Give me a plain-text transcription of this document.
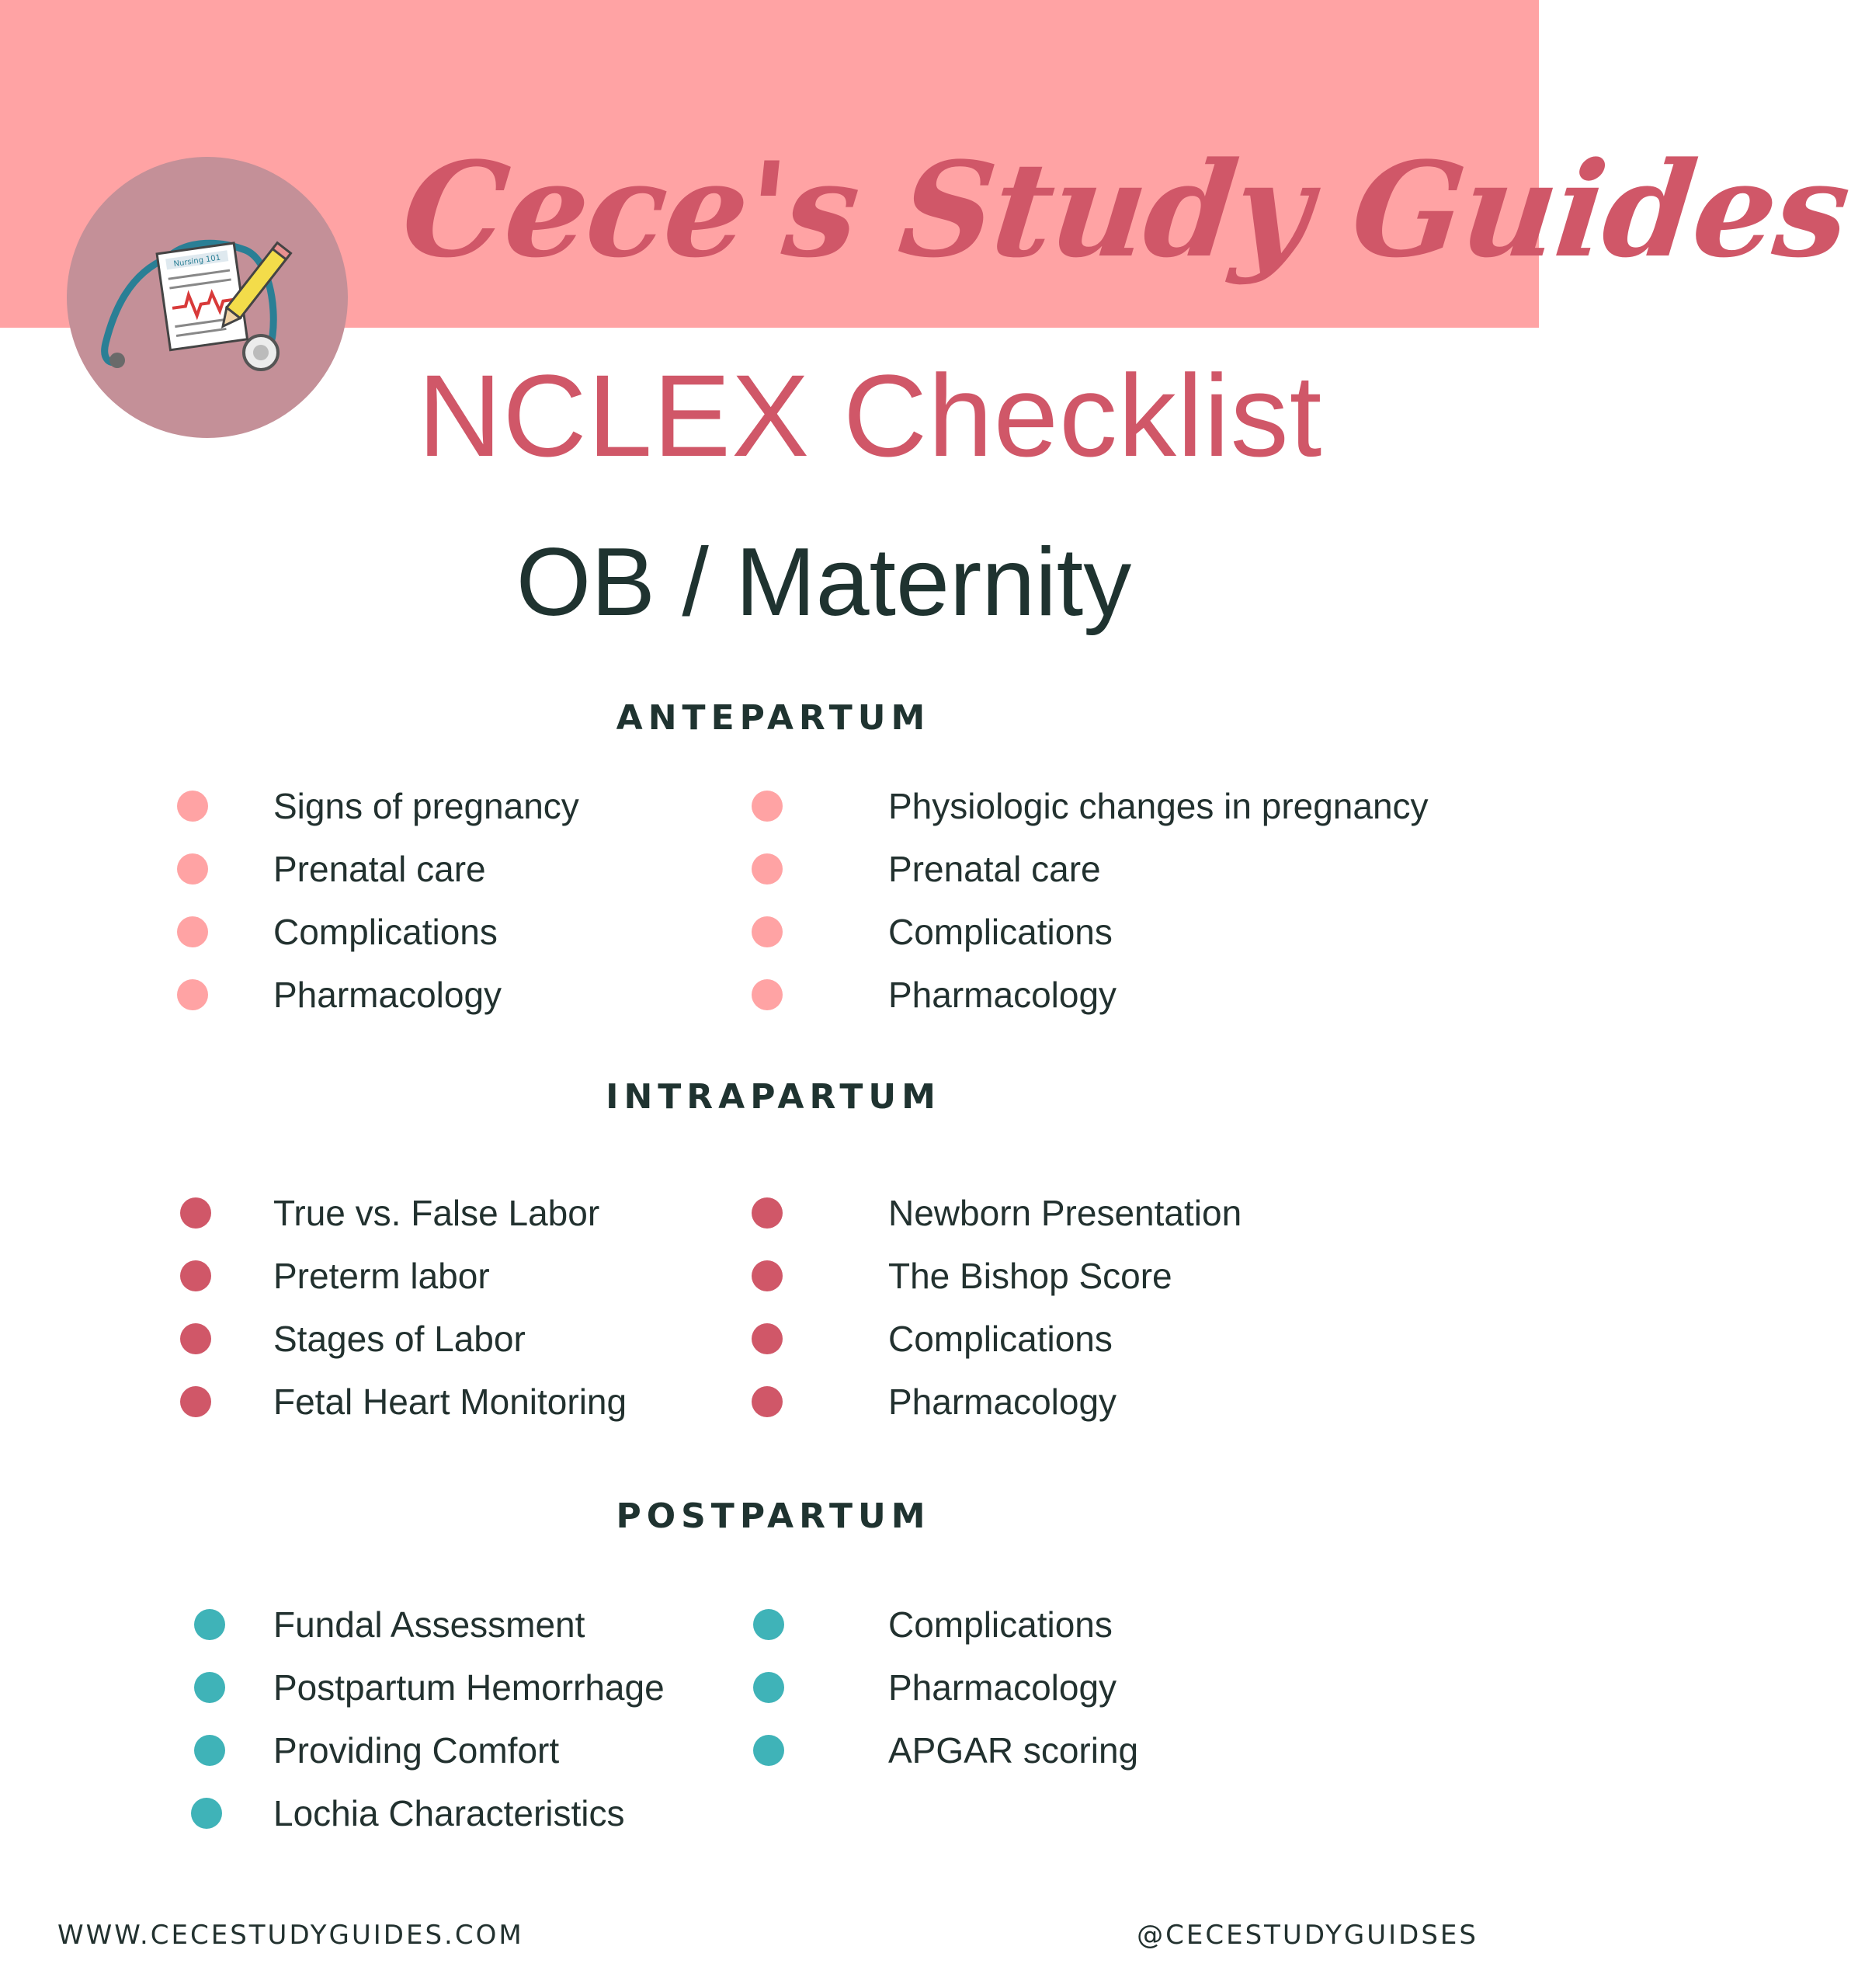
Cece's Study Guides
Nursing 101
NCLEX Checklist
OB / Maternity
ANTEPARTUM
Signs of pregnancy
Prenatal care
Complications
Pharmacology
Physiologic changes in pregnancy
Prenatal care
Complications
Pharmacology
INTRAPARTUM
True vs. False Labor
Preterm labor
Stages of Labor
Fetal Heart Monitoring
Newborn Presentation
The Bishop Score
Complications
Pharmacology
POSTPARTUM
Fundal Assessment
Postpartum Hemorrhage
Providing Comfort
Lochia Characteristics
Complications
Pharmacology
APGAR scoring
WWW.CECESTUDYGUIDES.COM	@CECESTUDYGUIDSES
